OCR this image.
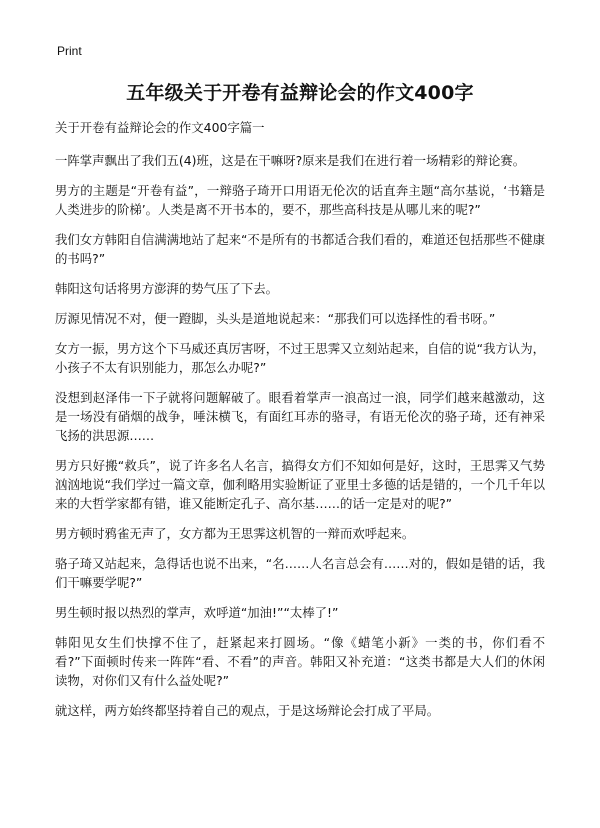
Print
五年级关于开卷有益辩论会的作文400字

关于开卷有益辩论会的作文400字篇一

一阵掌声飘出了我们五(4)班，这是在干嘛呀?原来是我们在进行着一场精彩的辩论赛。

男方的主题是“开卷有益”，一辩骆子琦开口用语无伦次的话直奔主题“高尔基说，‘书籍是人类进步的阶梯’。人类是离不开书本的，要不，那些高科技是从哪儿来的呢?”

我们女方韩阳自信满满地站了起来“不是所有的书都适合我们看的，难道还包括那些不健康的书吗?”

韩阳这句话将男方澎湃的势气压了下去。

厉源见情况不对，便一蹬脚，头头是道地说起来：“那我们可以选择性的看书呀。”

女方一振，男方这个下马威还真厉害呀，不过王思霁又立刻站起来，自信的说“我方认为，小孩子不太有识别能力，那怎么办呢?”

没想到赵泽伟一下子就将问题解破了。眼看着掌声一浪高过一浪，同学们越来越激动，这是一场没有硝烟的战争，唾沫横飞，有面红耳赤的骆寻，有语无伦次的骆子琦，还有神采飞扬的洪思源……

男方只好搬“救兵”，说了许多名人名言，搞得女方们不知如何是好，这时，王思霁又气势汹汹地说“我们学过一篇文章，伽利略用实验断证了亚里士多德的话是错的，一个几千年以来的大哲学家都有错，谁又能断定孔子、高尔基……的话一定是对的呢?”

男方顿时鸦雀无声了，女方都为王思霁这机智的一辩而欢呼起来。

骆子琦又站起来，急得话也说不出来，“名……人名言总会有……对的，假如是错的话，我们干嘛要学呢?”

男生顿时报以热烈的掌声，欢呼道“加油!”“太棒了!”

韩阳见女生们快撑不住了，赶紧起来打圆场。“像《蜡笔小新》一类的书，你们看不看?”下面顿时传来一阵阵“看、不看”的声音。韩阳又补充道：“这类书都是大人们的休闲读物，对你们又有什么益处呢?”

就这样，两方始终都坚持着自己的观点，于是这场辩论会打成了平局。
